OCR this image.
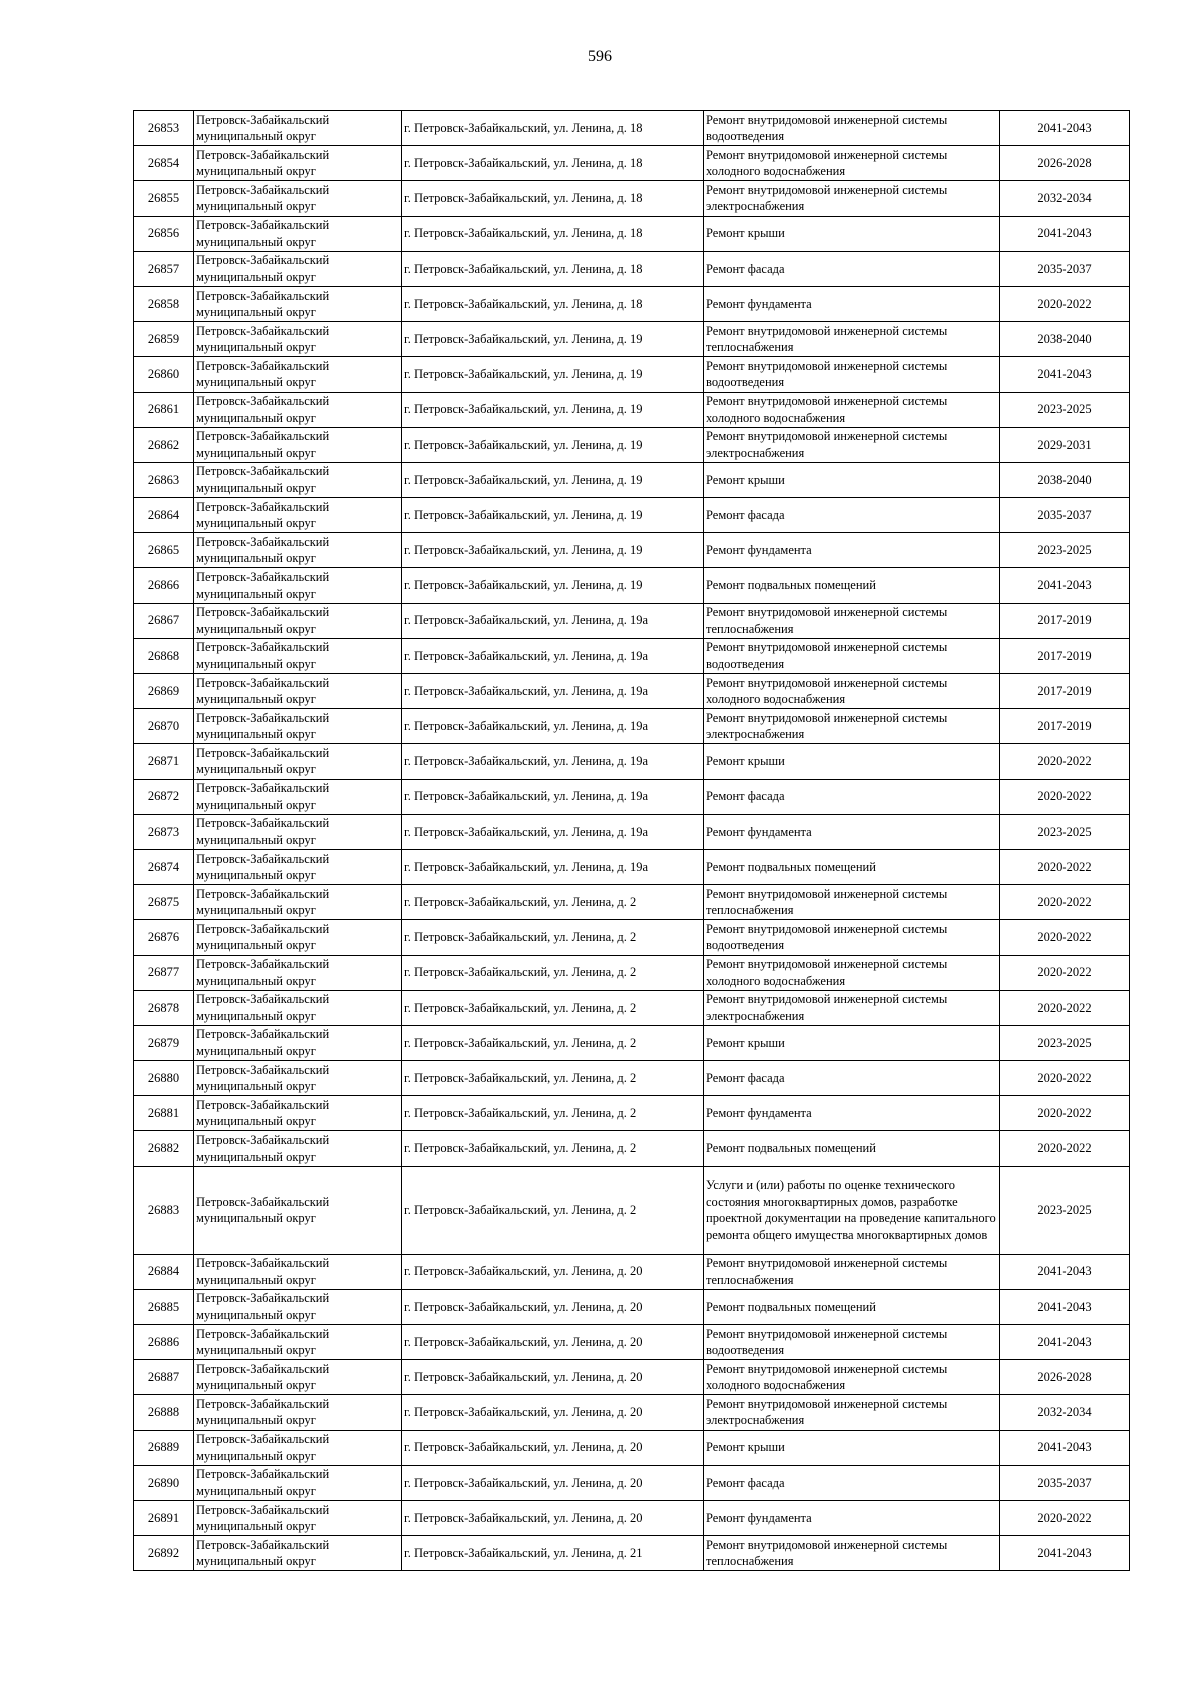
596
26853	Петровск-Забайкальский муниципальный округ	г. Петровск-Забайкальский, ул. Ленина, д. 18	Ремонт внутридомовой инженерной системы водоотведения	2041-2043
26854	Петровск-Забайкальский муниципальный округ	г. Петровск-Забайкальский, ул. Ленина, д. 18	Ремонт внутридомовой инженерной системы холодного водоснабжения	2026-2028
26855	Петровск-Забайкальский муниципальный округ	г. Петровск-Забайкальский, ул. Ленина, д. 18	Ремонт внутридомовой инженерной системы электроснабжения	2032-2034
26856	Петровск-Забайкальский муниципальный округ	г. Петровск-Забайкальский, ул. Ленина, д. 18	Ремонт крыши	2041-2043
26857	Петровск-Забайкальский муниципальный округ	г. Петровск-Забайкальский, ул. Ленина, д. 18	Ремонт фасада	2035-2037
26858	Петровск-Забайкальский муниципальный округ	г. Петровск-Забайкальский, ул. Ленина, д. 18	Ремонт фундамента	2020-2022
26859	Петровск-Забайкальский муниципальный округ	г. Петровск-Забайкальский, ул. Ленина, д. 19	Ремонт внутридомовой инженерной системы теплоснабжения	2038-2040
26860	Петровск-Забайкальский муниципальный округ	г. Петровск-Забайкальский, ул. Ленина, д. 19	Ремонт внутридомовой инженерной системы водоотведения	2041-2043
26861	Петровск-Забайкальский муниципальный округ	г. Петровск-Забайкальский, ул. Ленина, д. 19	Ремонт внутридомовой инженерной системы холодного водоснабжения	2023-2025
26862	Петровск-Забайкальский муниципальный округ	г. Петровск-Забайкальский, ул. Ленина, д. 19	Ремонт внутридомовой инженерной системы электроснабжения	2029-2031
26863	Петровск-Забайкальский муниципальный округ	г. Петровск-Забайкальский, ул. Ленина, д. 19	Ремонт крыши	2038-2040
26864	Петровск-Забайкальский муниципальный округ	г. Петровск-Забайкальский, ул. Ленина, д. 19	Ремонт фасада	2035-2037
26865	Петровск-Забайкальский муниципальный округ	г. Петровск-Забайкальский, ул. Ленина, д. 19	Ремонт фундамента	2023-2025
26866	Петровск-Забайкальский муниципальный округ	г. Петровск-Забайкальский, ул. Ленина, д. 19	Ремонт подвальных помещений	2041-2043
26867	Петровск-Забайкальский муниципальный округ	г. Петровск-Забайкальский, ул. Ленина, д. 19а	Ремонт внутридомовой инженерной системы теплоснабжения	2017-2019
26868	Петровск-Забайкальский муниципальный округ	г. Петровск-Забайкальский, ул. Ленина, д. 19а	Ремонт внутридомовой инженерной системы водоотведения	2017-2019
26869	Петровск-Забайкальский муниципальный округ	г. Петровск-Забайкальский, ул. Ленина, д. 19а	Ремонт внутридомовой инженерной системы холодного водоснабжения	2017-2019
26870	Петровск-Забайкальский муниципальный округ	г. Петровск-Забайкальский, ул. Ленина, д. 19а	Ремонт внутридомовой инженерной системы электроснабжения	2017-2019
26871	Петровск-Забайкальский муниципальный округ	г. Петровск-Забайкальский, ул. Ленина, д. 19а	Ремонт крыши	2020-2022
26872	Петровск-Забайкальский муниципальный округ	г. Петровск-Забайкальский, ул. Ленина, д. 19а	Ремонт фасада	2020-2022
26873	Петровск-Забайкальский муниципальный округ	г. Петровск-Забайкальский, ул. Ленина, д. 19а	Ремонт фундамента	2023-2025
26874	Петровск-Забайкальский муниципальный округ	г. Петровск-Забайкальский, ул. Ленина, д. 19а	Ремонт подвальных помещений	2020-2022
26875	Петровск-Забайкальский муниципальный округ	г. Петровск-Забайкальский, ул. Ленина, д. 2	Ремонт внутридомовой инженерной системы теплоснабжения	2020-2022
26876	Петровск-Забайкальский муниципальный округ	г. Петровск-Забайкальский, ул. Ленина, д. 2	Ремонт внутридомовой инженерной системы водоотведения	2020-2022
26877	Петровск-Забайкальский муниципальный округ	г. Петровск-Забайкальский, ул. Ленина, д. 2	Ремонт внутридомовой инженерной системы холодного водоснабжения	2020-2022
26878	Петровск-Забайкальский муниципальный округ	г. Петровск-Забайкальский, ул. Ленина, д. 2	Ремонт внутридомовой инженерной системы электроснабжения	2020-2022
26879	Петровск-Забайкальский муниципальный округ	г. Петровск-Забайкальский, ул. Ленина, д. 2	Ремонт крыши	2023-2025
26880	Петровск-Забайкальский муниципальный округ	г. Петровск-Забайкальский, ул. Ленина, д. 2	Ремонт фасада	2020-2022
26881	Петровск-Забайкальский муниципальный округ	г. Петровск-Забайкальский, ул. Ленина, д. 2	Ремонт фундамента	2020-2022
26882	Петровск-Забайкальский муниципальный округ	г. Петровск-Забайкальский, ул. Ленина, д. 2	Ремонт подвальных помещений	2020-2022
26883	Петровск-Забайкальский муниципальный округ	г. Петровск-Забайкальский, ул. Ленина, д. 2	Услуги и (или) работы по оценке технического состояния многоквартирных домов, разработке проектной документации на проведение капитального ремонта общего имущества многоквартирных домов	2023-2025
26884	Петровск-Забайкальский муниципальный округ	г. Петровск-Забайкальский, ул. Ленина, д. 20	Ремонт внутридомовой инженерной системы теплоснабжения	2041-2043
26885	Петровск-Забайкальский муниципальный округ	г. Петровск-Забайкальский, ул. Ленина, д. 20	Ремонт подвальных помещений	2041-2043
26886	Петровск-Забайкальский муниципальный округ	г. Петровск-Забайкальский, ул. Ленина, д. 20	Ремонт внутридомовой инженерной системы водоотведения	2041-2043
26887	Петровск-Забайкальский муниципальный округ	г. Петровск-Забайкальский, ул. Ленина, д. 20	Ремонт внутридомовой инженерной системы холодного водоснабжения	2026-2028
26888	Петровск-Забайкальский муниципальный округ	г. Петровск-Забайкальский, ул. Ленина, д. 20	Ремонт внутридомовой инженерной системы электроснабжения	2032-2034
26889	Петровск-Забайкальский муниципальный округ	г. Петровск-Забайкальский, ул. Ленина, д. 20	Ремонт крыши	2041-2043
26890	Петровск-Забайкальский муниципальный округ	г. Петровск-Забайкальский, ул. Ленина, д. 20	Ремонт фасада	2035-2037
26891	Петровск-Забайкальский муниципальный округ	г. Петровск-Забайкальский, ул. Ленина, д. 20	Ремонт фундамента	2020-2022
26892	Петровск-Забайкальский муниципальный округ	г. Петровск-Забайкальский, ул. Ленина, д. 21	Ремонт внутридомовой инженерной системы теплоснабжения	2041-2043
